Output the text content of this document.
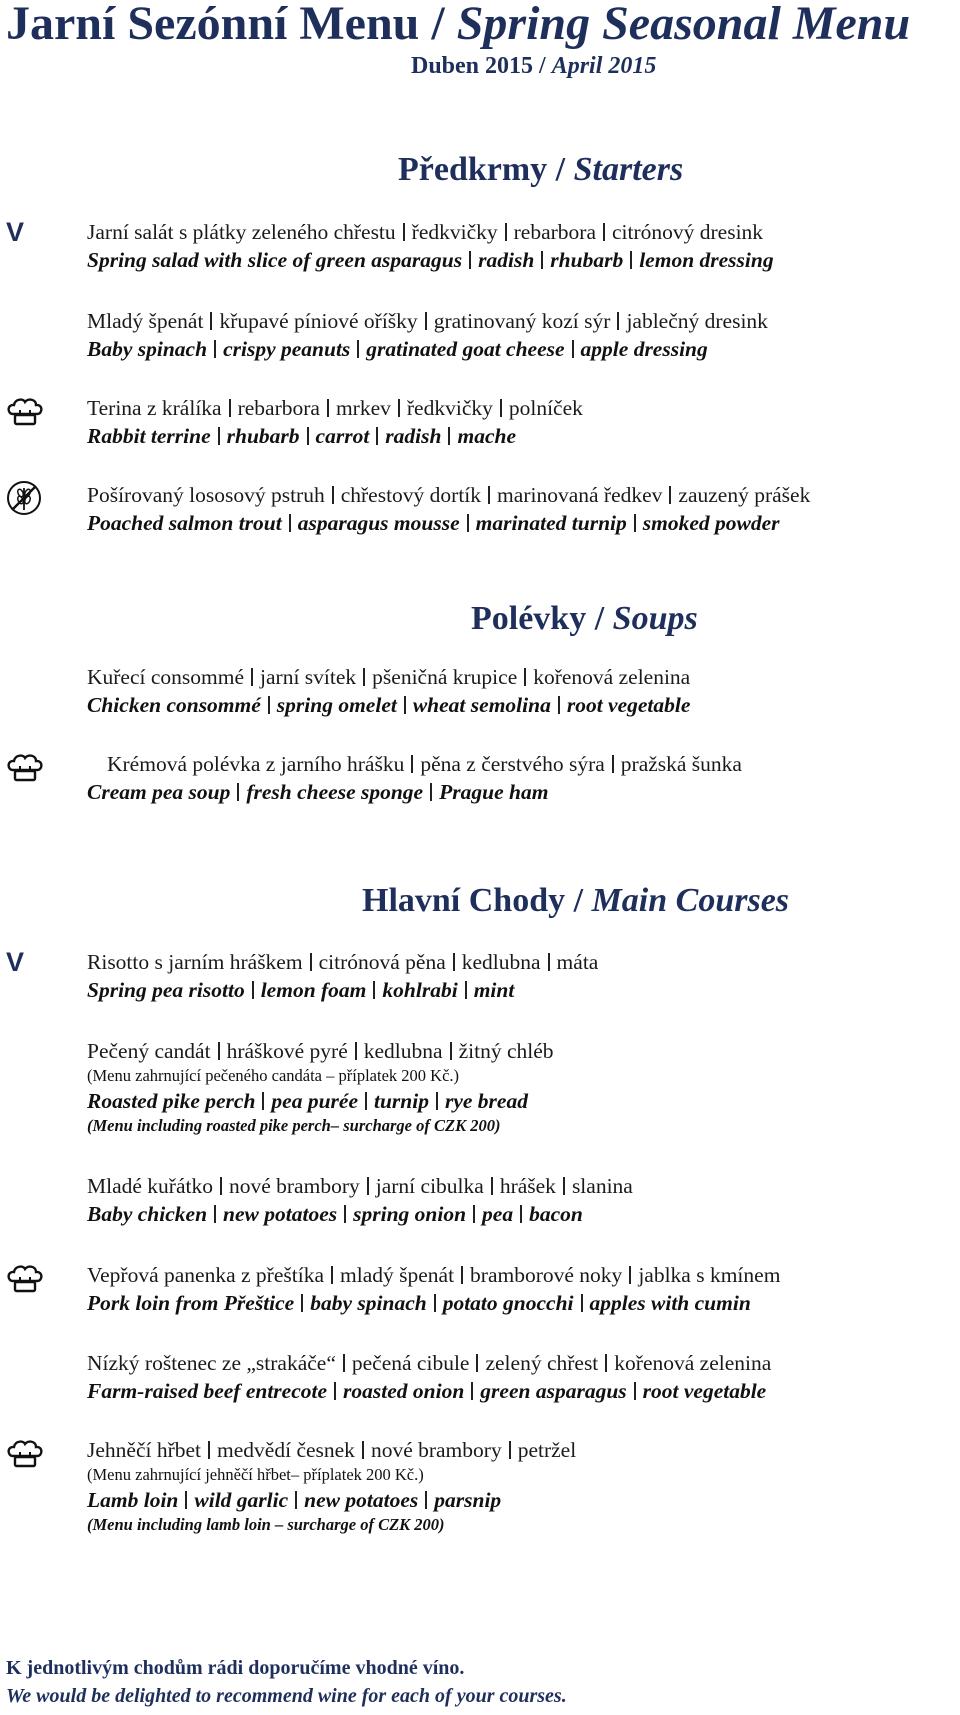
Jarní Sezónní Menu / Spring Seasonal Menu
Duben 2015 / April 2015
Předkrmy / Starters
Polévky / Soups
Hlavní Chody / Main Courses
V	Jarní salát s plátky zeleného chřestu ředkvičky rebarbora citrónový dresink
Spring salad with slice of green asparagus radish rhubarb lemon dressing
Mladý špenát křupavé píniové oříšky gratinovaný kozí sýr jablečný dresink
Baby spinach crispy peanuts gratinated goat cheese apple dressing
Terina z králíka rebarbora mrkev ředkvičky polníček
Rabbit terrine rhubarb carrot radish mache
Pošírovaný lososový pstruh chřestový dortík marinovaná ředkev zauzený prášek
Poached salmon trout asparagus mousse marinated turnip smoked powder
Kuřecí consommé jarní svítek pšeničná krupice kořenová zelenina
Chicken consommé spring omelet wheat semolina root vegetable
Krémová polévka z jarního hrášku pěna z čerstvého sýra pražská šunka
Cream pea soup fresh cheese sponge Prague ham
V	Risotto s jarním hráškem citrónová pěna kedlubna máta
Spring pea risotto lemon foam kohlrabi mint
Pečený candát hráškové pyré kedlubna žitný chléb
(Menu zahrnující pečeného candáta – příplatek 200 Kč.)
Roasted pike perch pea purée turnip rye bread
(Menu including roasted pike perch– surcharge of CZK 200)
Mladé kuřátko nové brambory jarní cibulka hrášek slanina
Baby chicken new potatoes spring onion pea bacon
Vepřová panenka z přeštíka mladý špenát bramborové noky jablka s kmínem
Pork loin from Přeštice baby spinach potato gnocchi apples with cumin
Nízký roštenec ze „strakáče“ pečená cibule zelený chřest kořenová zelenina
Farm-raised beef entrecote roasted onion green asparagus root vegetable
Jehněčí hřbet medvědí česnek nové brambory petržel
(Menu zahrnující jehněčí hřbet– příplatek 200 Kč.)
Lamb loin wild garlic new potatoes parsnip
(Menu including lamb loin – surcharge of CZK 200)
K jednotlivým chodům rádi doporučíme vhodné víno.
We would be delighted to recommend wine for each of your courses.
